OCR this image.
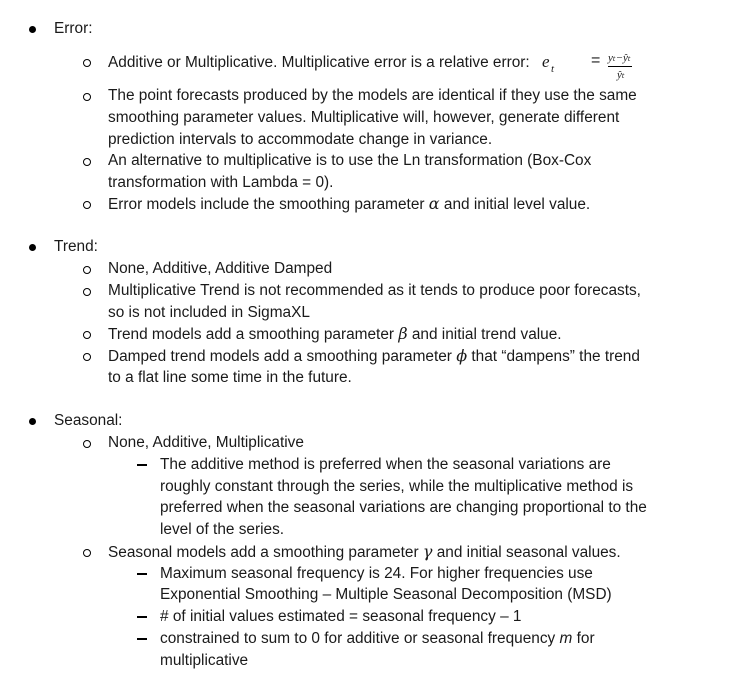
Error:
Additive or Multiplicative. Multiplicative error is a relative error: e t = yₜ−ŷₜ
ŷₜ
The point forecasts produced by the models are identical if they use the same
smoothing parameter values. Multiplicative will, however, generate different
prediction intervals to accommodate change in variance.
An alternative to multiplicative is to use the Ln transformation (Box-Cox
transformation with Lambda = 0).
Error models include the smoothing parameter α and initial level value.
Trend:
None, Additive, Additive Damped
Multiplicative Trend is not recommended as it tends to produce poor forecasts,
so is not included in SigmaXL
Trend models add a smoothing parameter β and initial trend value.
Damped trend models add a smoothing parameter ϕ that “dampens” the trend
to a flat line some time in the future.
Seasonal:
None, Additive, Multiplicative
The additive method is preferred when the seasonal variations are
roughly constant through the series, while the multiplicative method is
preferred when the seasonal variations are changing proportional to the
level of the series.
Seasonal models add a smoothing parameter γ and initial seasonal values.
Maximum seasonal frequency is 24. For higher frequencies use
Exponential Smoothing – Multiple Seasonal Decomposition (MSD)
# of initial values estimated = seasonal frequency – 1
constrained to sum to 0 for additive or seasonal frequency m for
multiplicative
